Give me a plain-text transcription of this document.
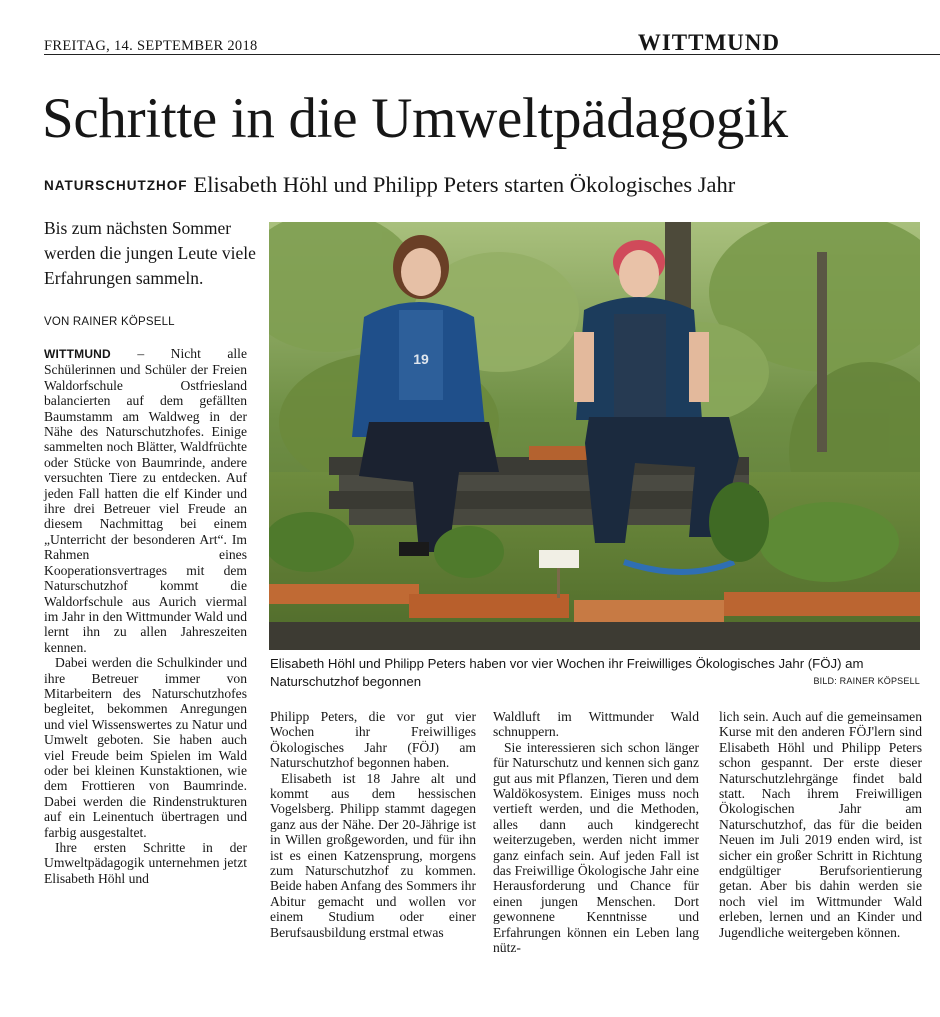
FREITAG, 14. SEPTEMBER 2018	WITTMUND
Schritte in die Umweltpädagogik
NATURSCHUTZHOF Elisabeth Höhl und Philipp Peters starten Ökologisches Jahr
Bis zum nächsten Sommer werden die jungen Leute viele Erfahrungen sammeln.
VON RAINER KÖPSELL

WITTMUND – Nicht alle Schülerinnen und Schüler der Freien Waldorfschule Ostfriesland balancierten auf dem gefällten Baumstamm am Waldweg in der Nähe des Naturschutzhofes. Einige sammelten noch Blätter, Waldfrüchte oder Stücke von Baumrinde, andere versuchten Tiere zu entdecken. Auf jeden Fall hatten die elf Kinder und ihre drei Betreuer viel Freude an diesem Nachmittag bei einem „Unterricht der besonderen Art“. Im Rahmen eines Kooperationsvertrages mit dem Naturschutzhof kommt die Waldorfschule aus Aurich viermal im Jahr in den Wittmunder Wald und lernt ihn zu allen Jahreszeiten kennen.

Dabei werden die Schulkinder und ihre Betreuer immer von Mitarbeitern des Naturschutzhofes begleitet, bekommen Anregungen und viel Wissenswertes zu Natur und Umwelt geboten. Sie haben auch viel Freude beim Spielen im Wald oder bei kleinen Kunstaktionen, wie dem Frottieren von Baumrinde. Dabei werden die Rindenstrukturen auf ein Leinentuch übertragen und farbig ausgestaltet.

Ihre ersten Schritte in der Umweltpädagogik unternehmen jetzt Elisabeth Höhl und

Philipp Peters, die vor gut vier Wochen ihr Freiwilliges Ökologisches Jahr (FÖJ) am Naturschutzhof begonnen haben.

Elisabeth ist 18 Jahre alt und kommt aus dem hessischen Vogelsberg. Philipp stammt dagegen ganz aus der Nähe. Der 20-Jährige ist in Willen großgeworden, und für ihn ist es einen Katzensprung, morgens zum Naturschutzhof zu kommen. Beide haben Anfang des Sommers ihr Abitur gemacht und wollen vor einem Studium oder einer Berufsausbildung erstmal etwas

Waldluft im Wittmunder Wald schnuppern.

Sie interessieren sich schon länger für Naturschutz und kennen sich ganz gut aus mit Pflanzen, Tieren und dem Waldökosystem. Einiges muss noch vertieft werden, und die Methoden, alles dann auch kindgerecht weiterzugeben, werden nicht immer ganz einfach sein. Auf jeden Fall ist das Freiwillige Ökologische Jahr eine Herausforderung und Chance für einen jungen Menschen. Dort gewonnene Kenntnisse und Erfahrungen können ein Leben lang nütz-

lich sein. Auch auf die gemeinsamen Kurse mit den anderen FÖJ'lern sind Elisabeth Höhl und Philipp Peters schon gespannt. Der erste dieser Naturschutzlehrgänge findet bald statt. Nach ihrem Freiwilligen Ökologischen Jahr am Naturschutzhof, das für die beiden Neuen im Juli 2019 enden wird, ist sicher ein großer Schritt in Richtung endgültiger Berufsorientierung getan. Aber bis dahin werden sie noch viel im Wittmunder Wald erleben, lernen und an Kinder und Jugendliche weitergeben können.

19
Elisabeth Höhl und Philipp Peters haben vor vier Wochen ihr Freiwilliges Ökologisches Jahr (FÖJ) am Naturschutzhof begonnen	BILD: RAINER KÖPSELL
